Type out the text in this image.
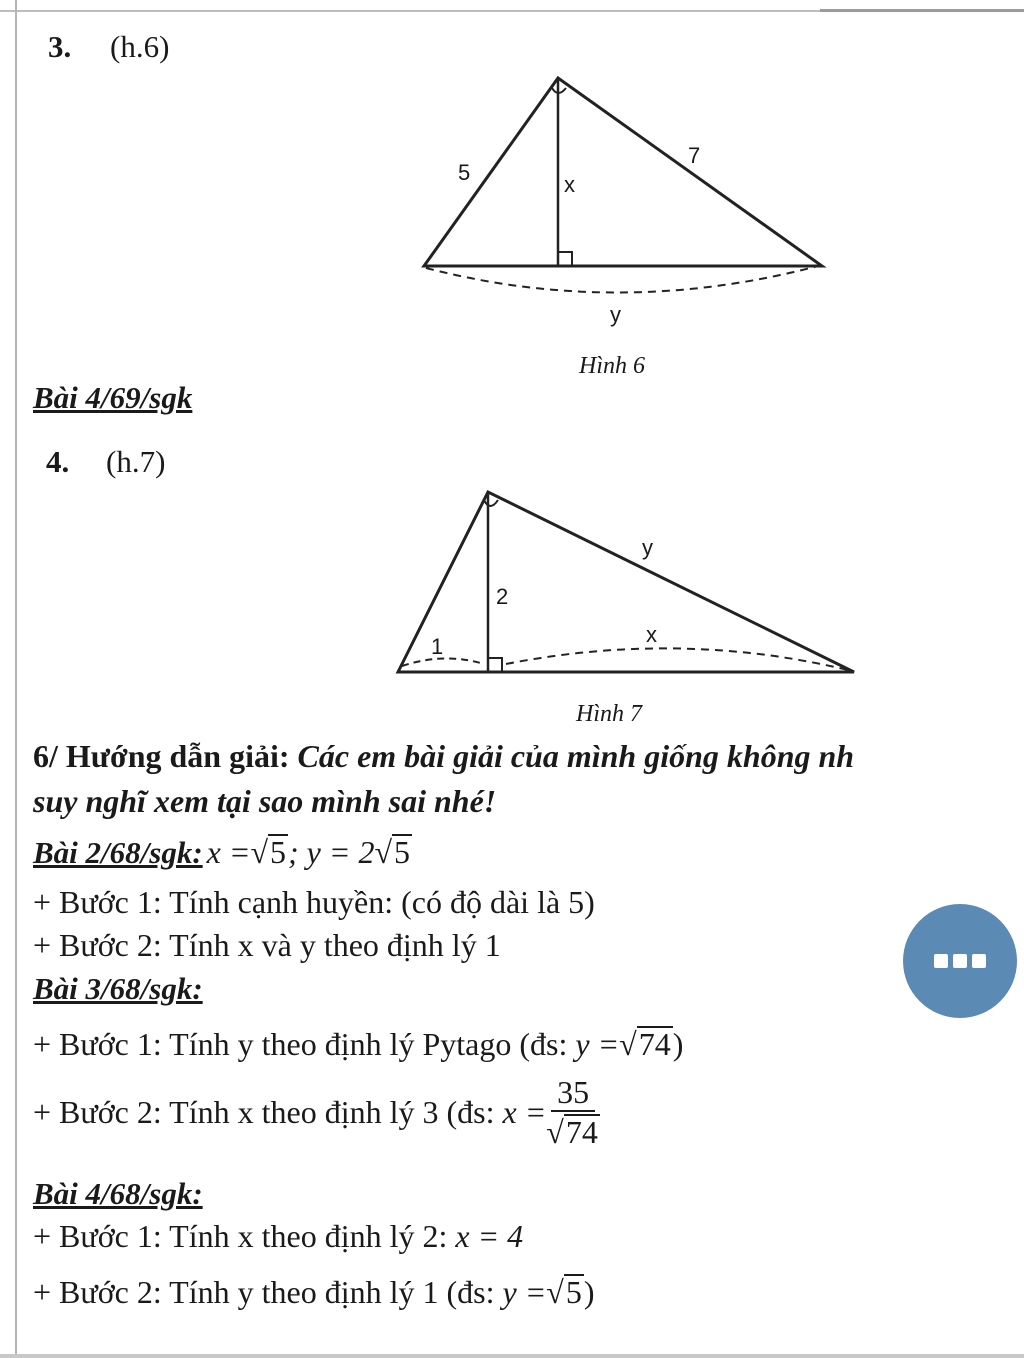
3. (h.6)
5	x
7
y
Hình 6
Bài 4/69/sgk
4. (h.7)
y
2
1	x
Hình 7
6/ Hướng dẫn giải: Các em bài giải của mình giống không nh
suy nghĩ xem tại sao mình sai nhé!
Bài 2/68/sgk: x =√5; y = 2√5
+ Bước 1: Tính cạnh huyền: (có độ dài là 5)
+ Bước 2: Tính x và y theo định lý 1
Bài 3/68/sgk:
+ Bước 1: Tính y theo định lý Pytago (đs: y =√74)
+ Bước 2: Tính x theo định lý 3 (đs:
$x = \frac{35}{√74}$
Bài 4/68/sgk:
+ Bước 1: Tính x theo định lý 2: x = 4
+ Bước 2: Tính y theo định lý 1 (đs: y =√5)
